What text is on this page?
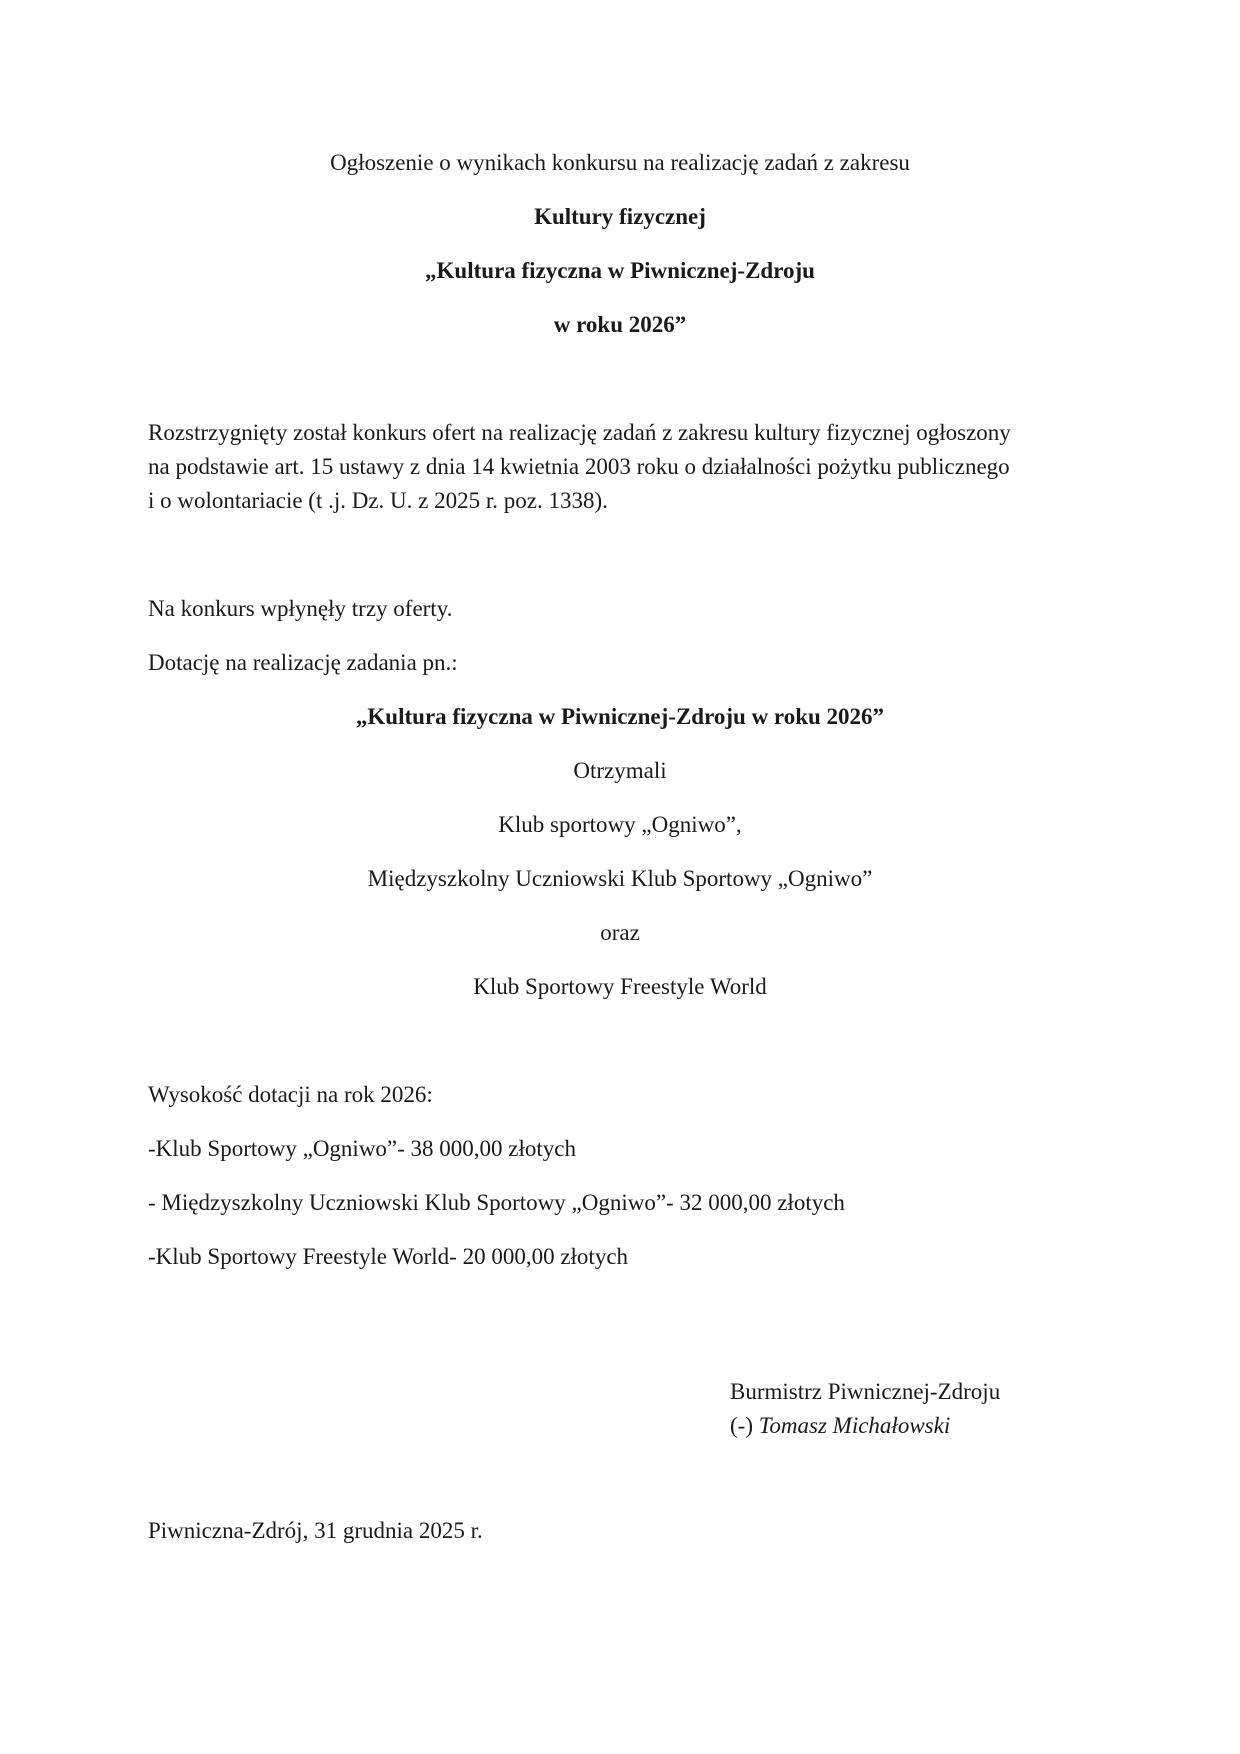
Ogłoszenie o wynikach konkursu na realizację zadań z zakresu
Kultury fizycznej
„Kultura fizyczna w Piwnicznej-Zdroju
w roku 2026”
Rozstrzygnięty został konkurs ofert na realizację zadań z zakresu kultury fizycznej ogłoszony
na podstawie art. 15 ustawy z dnia 14 kwietnia 2003 roku o działalności pożytku publicznego
i o wolontariacie (t .j. Dz. U. z 2025 r. poz. 1338).
Na konkurs wpłynęły trzy oferty.
Dotację na realizację zadania pn.:
„Kultura fizyczna w Piwnicznej-Zdroju w roku 2026”
Otrzymali
Klub sportowy „Ogniwo”,
Międzyszkolny Uczniowski Klub Sportowy „Ogniwo”
oraz
Klub Sportowy Freestyle World
Wysokość dotacji na rok 2026:
-Klub Sportowy „Ogniwo”- 38 000,00 złotych
- Międzyszkolny Uczniowski Klub Sportowy „Ogniwo”- 32 000,00 złotych
-Klub Sportowy Freestyle World- 20 000,00 złotych
Burmistrz Piwnicznej-Zdroju
(-) Tomasz Michałowski
Piwniczna-Zdrój, 31 grudnia 2025 r.
